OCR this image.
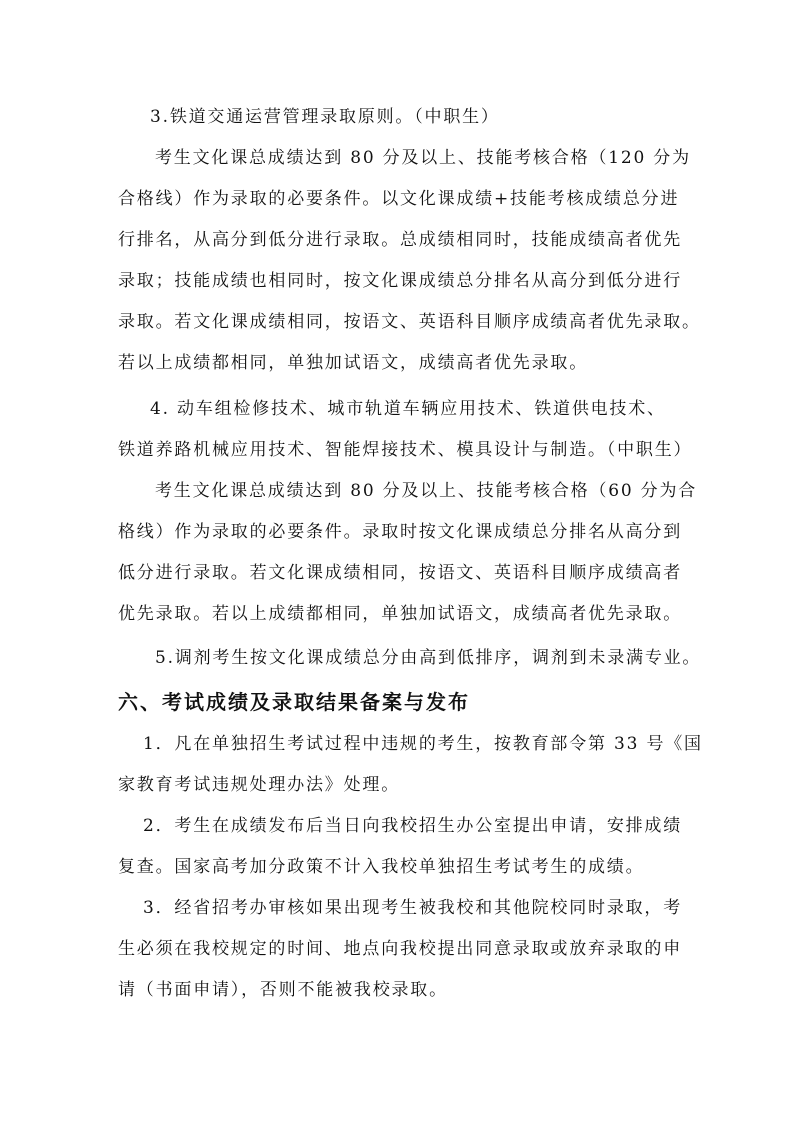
3.铁道交通运营管理录取原则。（中职生）
考生文化课总成绩达到 80 分及以上、技能考核合格（120 分为
合格线）作为录取的必要条件。以文化课成绩+技能考核成绩总分进
行排名，从高分到低分进行录取。总成绩相同时，技能成绩高者优先
录取；技能成绩也相同时，按文化课成绩总分排名从高分到低分进行
录取。若文化课成绩相同，按语文、英语科目顺序成绩高者优先录取。
若以上成绩都相同，单独加试语文，成绩高者优先录取。
4. 动车组检修技术、城市轨道车辆应用技术、铁道供电技术、
铁道养路机械应用技术、智能焊接技术、模具设计与制造。（中职生）
考生文化课总成绩达到 80 分及以上、技能考核合格（60 分为合
格线）作为录取的必要条件。录取时按文化课成绩总分排名从高分到
低分进行录取。若文化课成绩相同，按语文、英语科目顺序成绩高者
优先录取。若以上成绩都相同，单独加试语文，成绩高者优先录取。
5.调剂考生按文化课成绩总分由高到低排序，调剂到未录满专业。
六、考试成绩及录取结果备案与发布
1．凡在单独招生考试过程中违规的考生，按教育部令第 33 号《国
家教育考试违规处理办法》处理。
2．考生在成绩发布后当日向我校招生办公室提出申请，安排成绩
复查。国家高考加分政策不计入我校单独招生考试考生的成绩。
3．经省招考办审核如果出现考生被我校和其他院校同时录取，考
生必须在我校规定的时间、地点向我校提出同意录取或放弃录取的申
请（书面申请），否则不能被我校录取。
